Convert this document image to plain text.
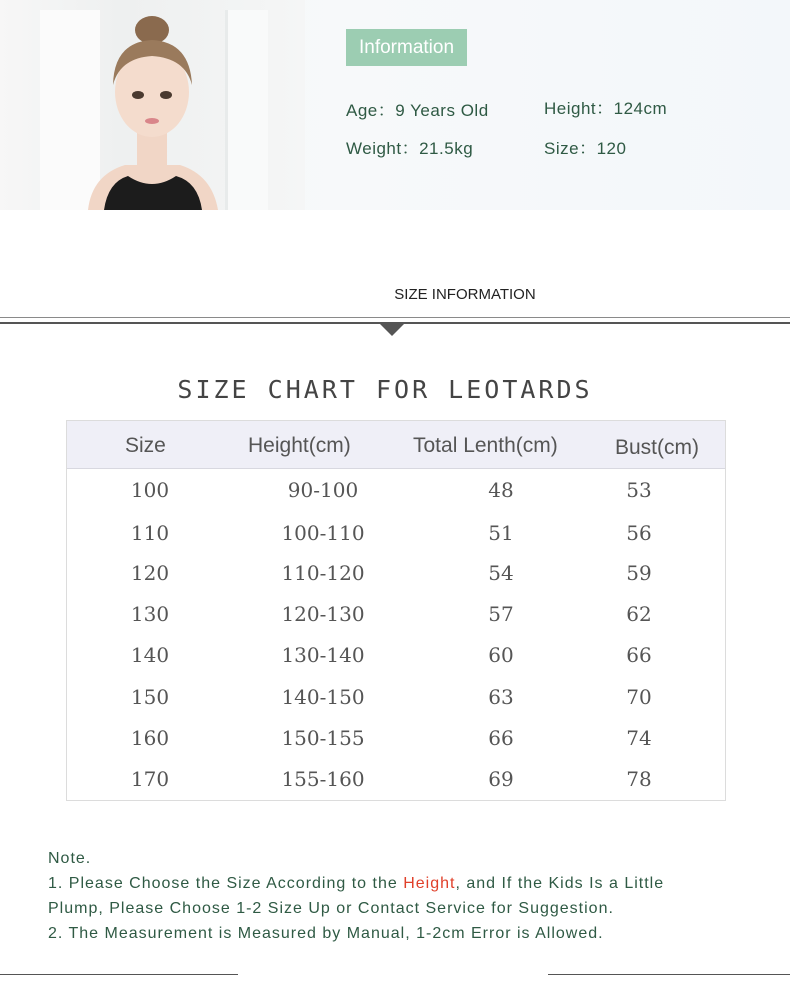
Information
Age：9 Years Old	Height：124cm
Weight：21.5kg	Size：120
SIZE INFORMATION
SIZE CHART FOR LEOTARDS
Size	Height(cm)	Total Lenth(cm)	Bust(cm)
100	90-100	48	53
110	100-110	51	56
120	110-120	54	59
130	120-130	57	62
140	130-140	60	66
150	140-150	63	70
160	150-155	66	74
170	155-160	69	78
Note.
1. Please Choose the Size According to the Height, and If the Kids Is a Little
Plump, Please Choose 1-2 Size Up or Contact Service for Suggestion.
2. The Measurement is Measured by Manual, 1-2cm Error is Allowed.
